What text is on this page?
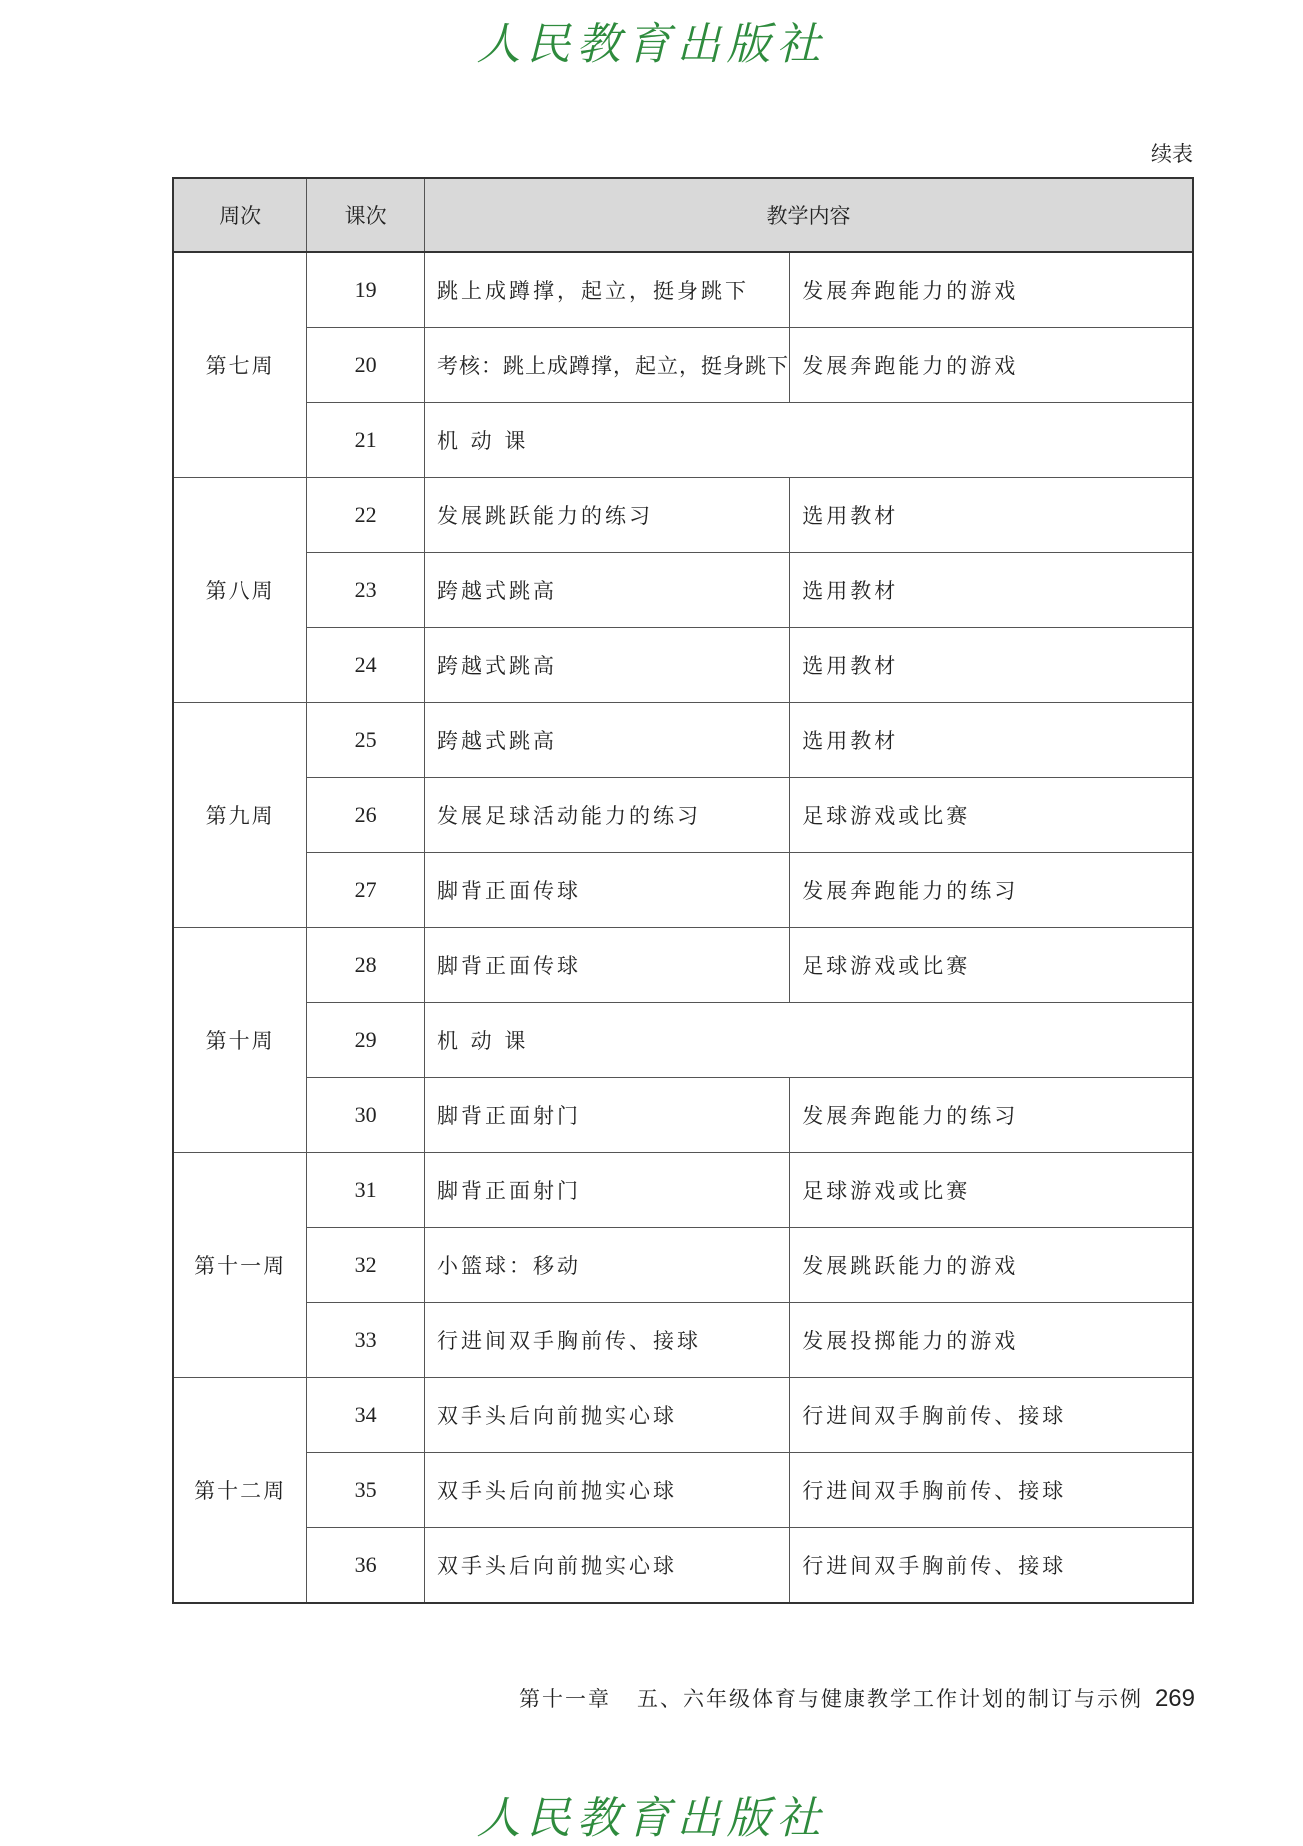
人民教育出版社
续表
周次	课次	教学内容	
第七周	19	跳上成蹲撑，起立，挺身跳下	发展奔跑能力的游戏
	20	考核：跳上成蹲撑，起立，挺身跳下	发展奔跑能力的游戏
	21	机 动 课	
第八周	22	发展跳跃能力的练习	选用教材
	23	跨越式跳高	选用教材
	24	跨越式跳高	选用教材
第九周	25	跨越式跳高	选用教材
	26	发展足球活动能力的练习	足球游戏或比赛
	27	脚背正面传球	发展奔跑能力的练习
第十周	28	脚背正面传球	足球游戏或比赛
	29	机 动 课	
	30	脚背正面射门	发展奔跑能力的练习
第十一周	31	脚背正面射门	足球游戏或比赛
	32	小篮球：移动	发展跳跃能力的游戏
	33	行进间双手胸前传、接球	发展投掷能力的游戏
第十二周	34	双手头后向前抛实心球	行进间双手胸前传、接球
	35	双手头后向前抛实心球	行进间双手胸前传、接球
	36	双手头后向前抛实心球	行进间双手胸前传、接球
第十一章 五、六年级体育与健康教学工作计划的制订与示例 269
人民教育出版社
